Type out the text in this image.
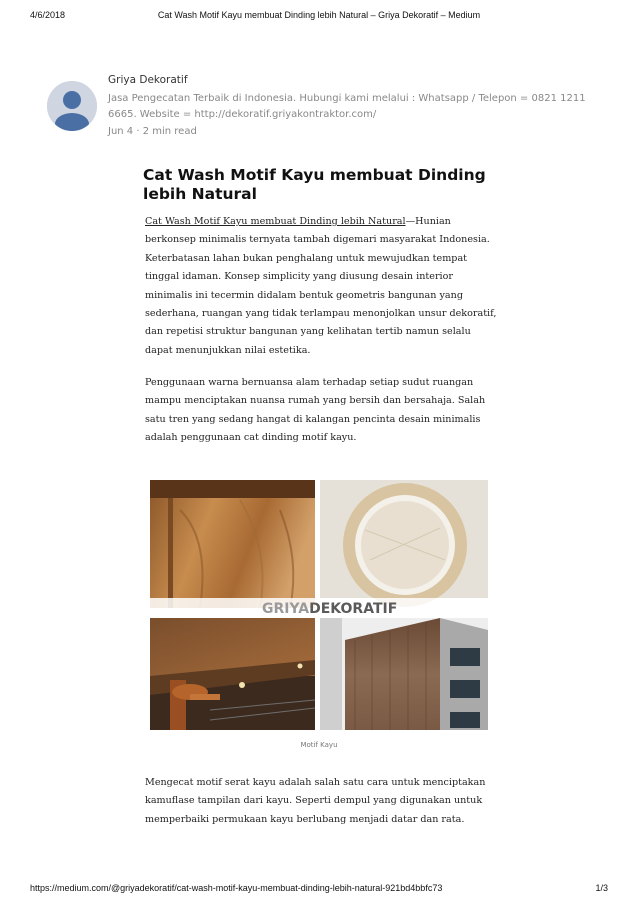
4/6/2018	Cat Wash Motif Kayu membuat Dinding lebih Natural – Griya Dekoratif – Medium
Griya Dekoratif
Jasa Pengecatan Terbaik di Indonesia. Hubungi kami melalui : Whatsapp / Telepon = 0821 1211
6665. Website = http://dekoratif.griyakontraktor.com/
Jun 4 · 2 min read
Cat Wash Motif Kayu membuat Dinding lebih Natural

Cat Wash Motif Kayu membuat Dinding lebih Natural—Hunian berkonsep minimalis ternyata tambah digemari masyarakat Indonesia. Keterbatasan lahan bukan penghalang untuk mewujudkan tempat tinggal idaman. Konsep simplicity yang diusung desain interior minimalis ini tecermin didalam bentuk geometris bangunan yang sederhana, ruangan yang tidak terlampau menonjolkan unsur dekoratif, dan repetisi struktur bangunan yang kelihatan tertib namun selalu dapat menunjukkan nilai estetika.

Penggunaan warna bernuansa alam terhadap setiap sudut ruangan mampu menciptakan nuansa rumah yang bersih dan bersahaja. Salah satu tren yang sedang hangat di kalangan pencinta desain minimalis adalah penggunaan cat dinding motif kayu.

GRIYADEKORATIF
Motif Kayu

Mengecat motif serat kayu adalah salah satu cara untuk menciptakan kamuflase tampilan dari kayu. Seperti dempul yang digunakan untuk memperbaiki permukaan kayu berlubang menjadi datar dan rata.

https://medium.com/@griyadekoratif/cat-wash-motif-kayu-membuat-dinding-lebih-natural-921bd4bbfc73	1/3
